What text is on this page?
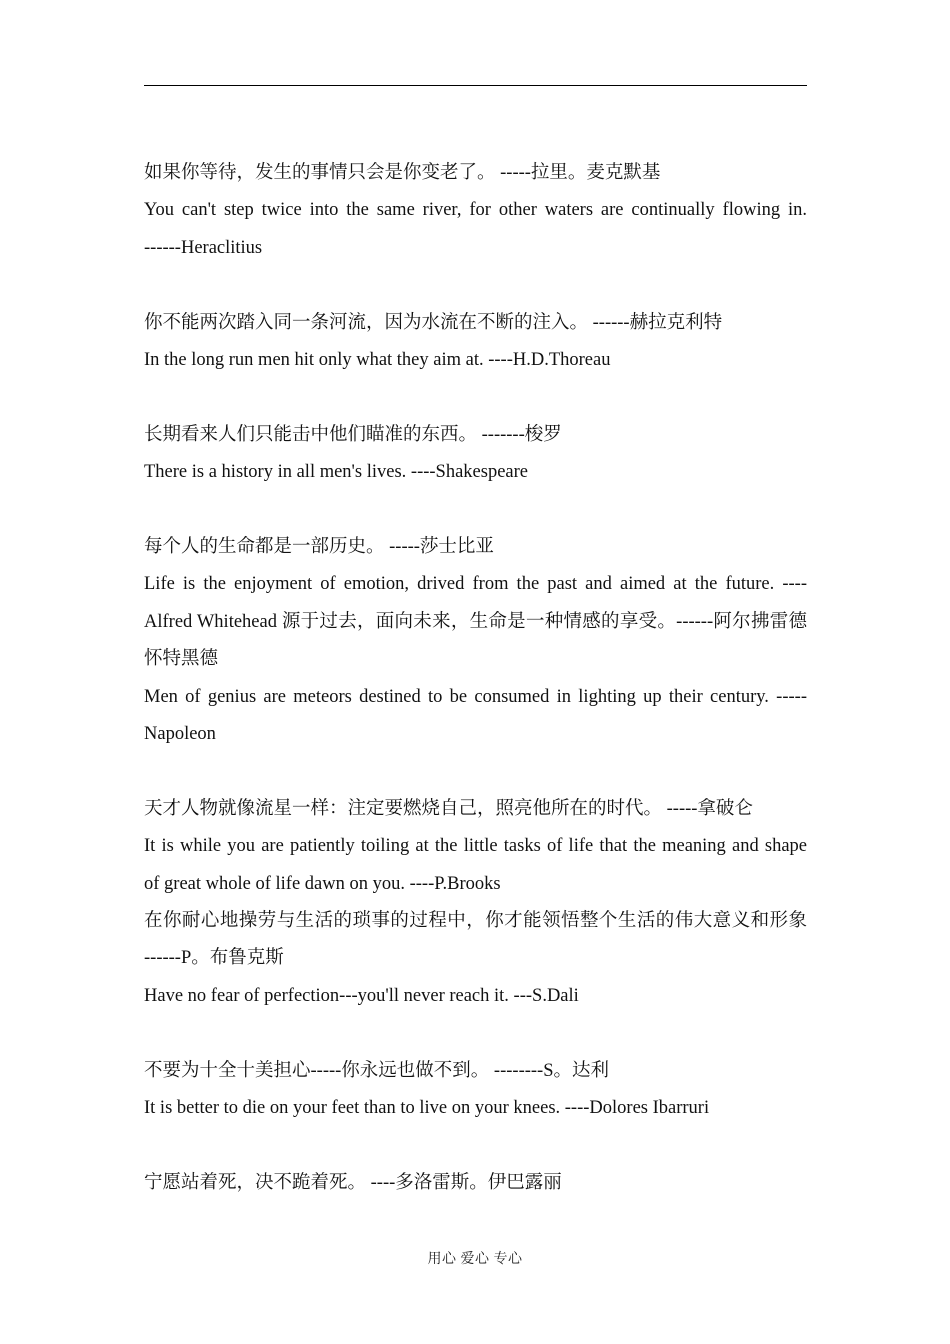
如果你等待，发生的事情只会是你变老了。 -----拉里。麦克默基
You can't step twice into the same river, for other waters are continually flowing in.
------Heraclitius
你不能两次踏入同一条河流，因为水流在不断的注入。 ------赫拉克利特
In the long run men hit only what they aim at. ----H.D.Thoreau
长期看来人们只能击中他们瞄准的东西。 -------梭罗
There is a history in all men's lives. ----Shakespeare
每个人的生命都是一部历史。 -----莎士比亚
Life is the enjoyment of emotion, drived from the past and aimed at the future. ----
Alfred Whitehead 源于过去，面向未来，生命是一种情感的享受。------阿尔拂雷德
怀特黑德
Men of genius are meteors destined to be consumed in lighting up their century. -----
Napoleon
天才人物就像流星一样：注定要燃烧自己，照亮他所在的时代。 -----拿破仑
It is while you are patiently toiling at the little tasks of life that the meaning and shape
of great whole of life dawn on you. ----P.Brooks
在你耐心地操劳与生活的琐事的过程中，你才能领悟整个生活的伟大意义和形象
------P。布鲁克斯
Have no fear of perfection---you'll never reach it. ---S.Dali
不要为十全十美担心-----你永远也做不到。 --------S。达利
It is better to die on your feet than to live on your knees. ----Dolores Ibarruri
宁愿站着死，决不跪着死。 ----多洛雷斯。伊巴露丽
用心 爱心 专心
